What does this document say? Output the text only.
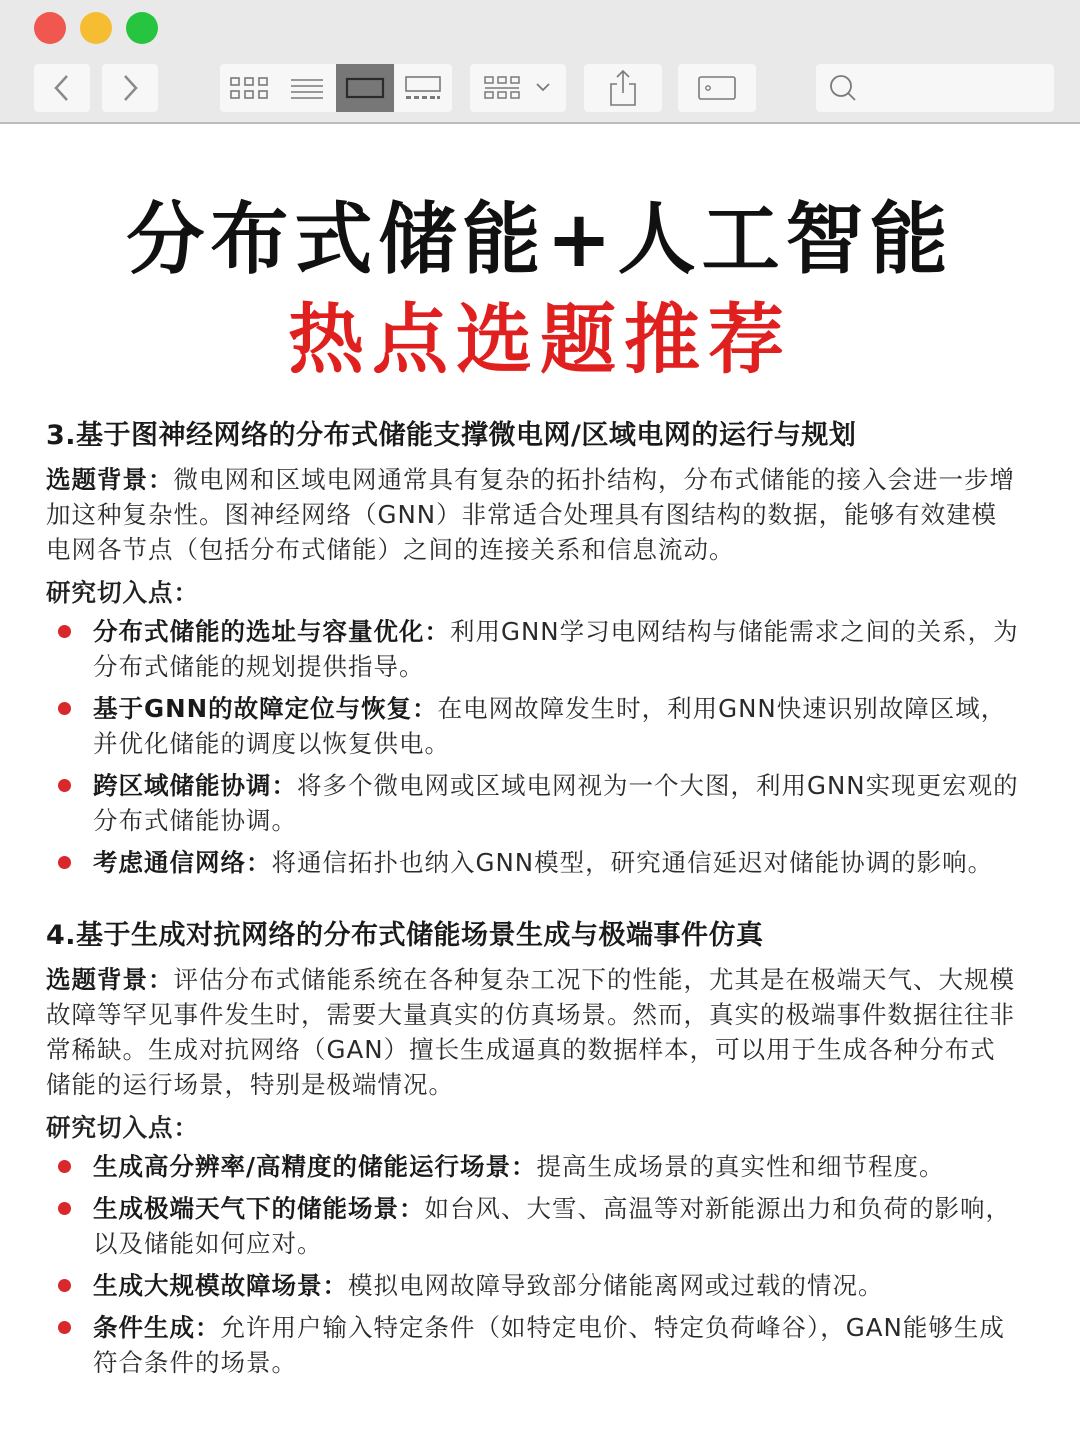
分布式储能+人工智能
热点选题推荐
3.基于图神经网络的分布式储能支撑微电网/区域电网的运行与规划

选题背景：微电网和区域电网通常具有复杂的拓扑结构，分布式储能的接入会进一步增加这种复杂性。图神经网络（GNN）非常适合处理具有图结构的数据，能够有效建模电网各节点（包括分布式储能）之间的连接关系和信息流动。

研究切入点：
分布式储能的选址与容量优化：利用GNN学习电网结构与储能需求之间的关系，为分布式储能的规划提供指导。
基于GNN的故障定位与恢复：在电网故障发生时，利用GNN快速识别故障区域，并优化储能的调度以恢复供电。
跨区域储能协调：将多个微电网或区域电网视为一个大图，利用GNN实现更宏观的分布式储能协调。
考虑通信网络：将通信拓扑也纳入GNN模型，研究通信延迟对储能协调的影响。
4.基于生成对抗网络的分布式储能场景生成与极端事件仿真

选题背景：评估分布式储能系统在各种复杂工况下的性能，尤其是在极端天气、大规模故障等罕见事件发生时，需要大量真实的仿真场景。然而，真实的极端事件数据往往非常稀缺。生成对抗网络（GAN）擅长生成逼真的数据样本，可以用于生成各种分布式储能的运行场景，特别是极端情况。

研究切入点：
生成高分辨率/高精度的储能运行场景：提高生成场景的真实性和细节程度。
生成极端天气下的储能场景：如台风、大雪、高温等对新能源出力和负荷的影响，以及储能如何应对。
生成大规模故障场景：模拟电网故障导致部分储能离网或过载的情况。
条件生成：允许用户输入特定条件（如特定电价、特定负荷峰谷），GAN能够生成符合条件的场景。
